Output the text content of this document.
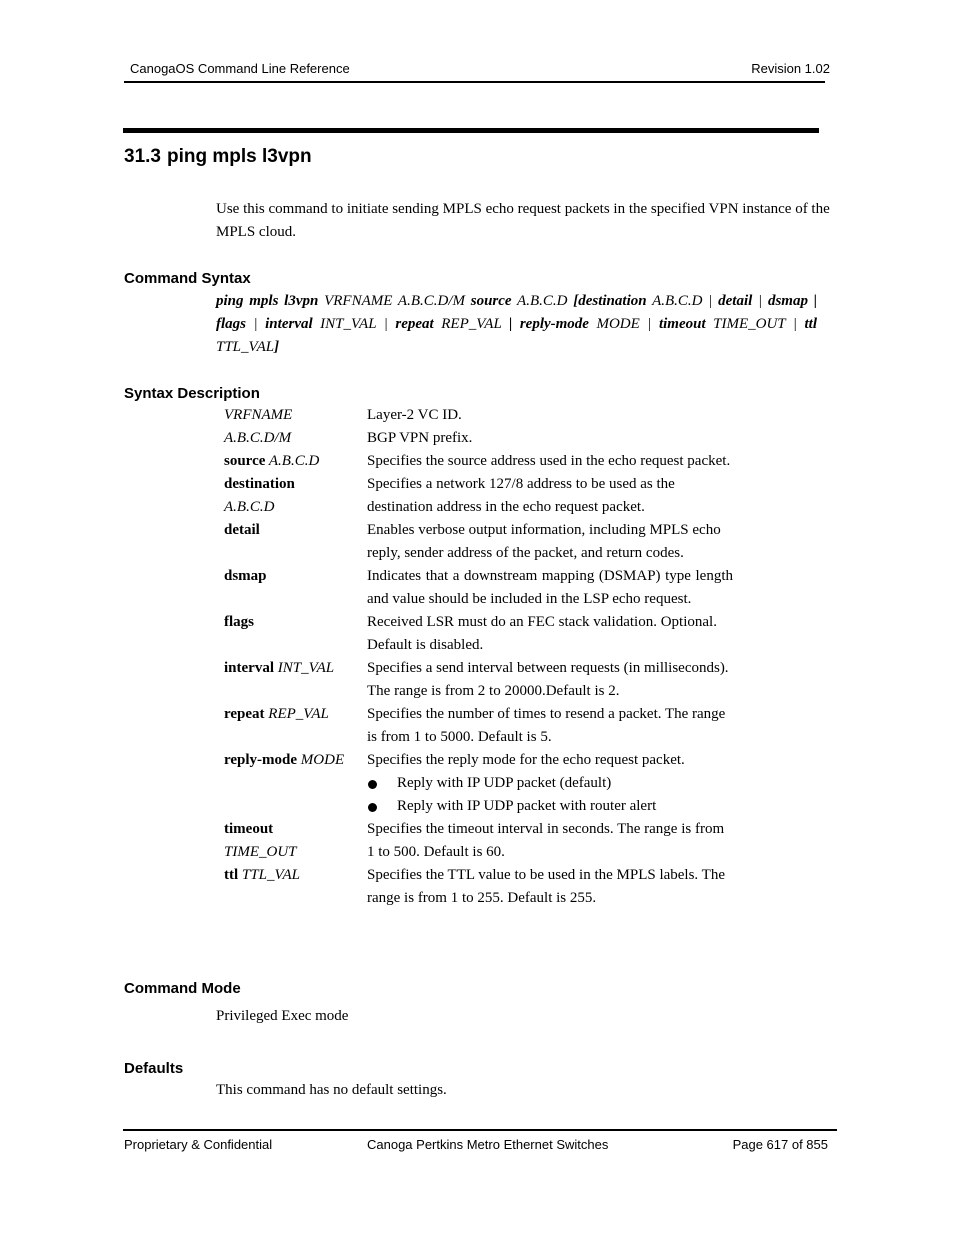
CanogaOS Command Line Reference	Revision 1.02
31.3 ping mpls l3vpn
Use this command to initiate sending MPLS echo request packets in the specified VPN instance of the MPLS cloud.
Command Syntax
ping mpls l3vpn VRFNAME A.B.C.D/M source A.B.C.D [destination A.B.C.D | detail | dsmap | flags | interval INT_VAL | repeat REP_VAL | reply-mode MODE | timeout TIME_OUT | ttl TTL_VAL]
Syntax Description
VRFNAME	Layer-2 VC ID.
A.B.C.D/M	BGP VPN prefix.
source A.B.C.D	Specifies the source address used in the echo request packet.
destination
A.B.C.D	Specifies a network 127/8 address to be used as the destination address in the echo request packet.
detail	Enables verbose output information, including MPLS echo reply, sender address of the packet, and return codes.
dsmap	Indicates that a downstream mapping (DSMAP) type length and value should be included in the LSP echo request.
flags	Received LSR must do an FEC stack validation. Optional. Default is disabled.
interval INT_VAL	Specifies a send interval between requests (in milliseconds). The range is from 2 to 20000.Default is 2.
repeat REP_VAL	Specifies the number of times to resend a packet. The range is from 1 to 5000. Default is 5.
reply-mode MODE	Specifies the reply mode for the echo request packet.
Reply with IP UDP packet (default)
Reply with IP UDP packet with router alert

timeout
TIME_OUT	Specifies the timeout interval in seconds. The range is from 1 to 500. Default is 60.
ttl TTL_VAL	Specifies the TTL value to be used in the MPLS labels. The range is from 1 to 255. Default is 255.
Command Mode
Privileged Exec mode
Defaults
This command has no default settings.
Proprietary & Confidential	Canoga Pertkins Metro Ethernet Switches	Page 617 of 855
